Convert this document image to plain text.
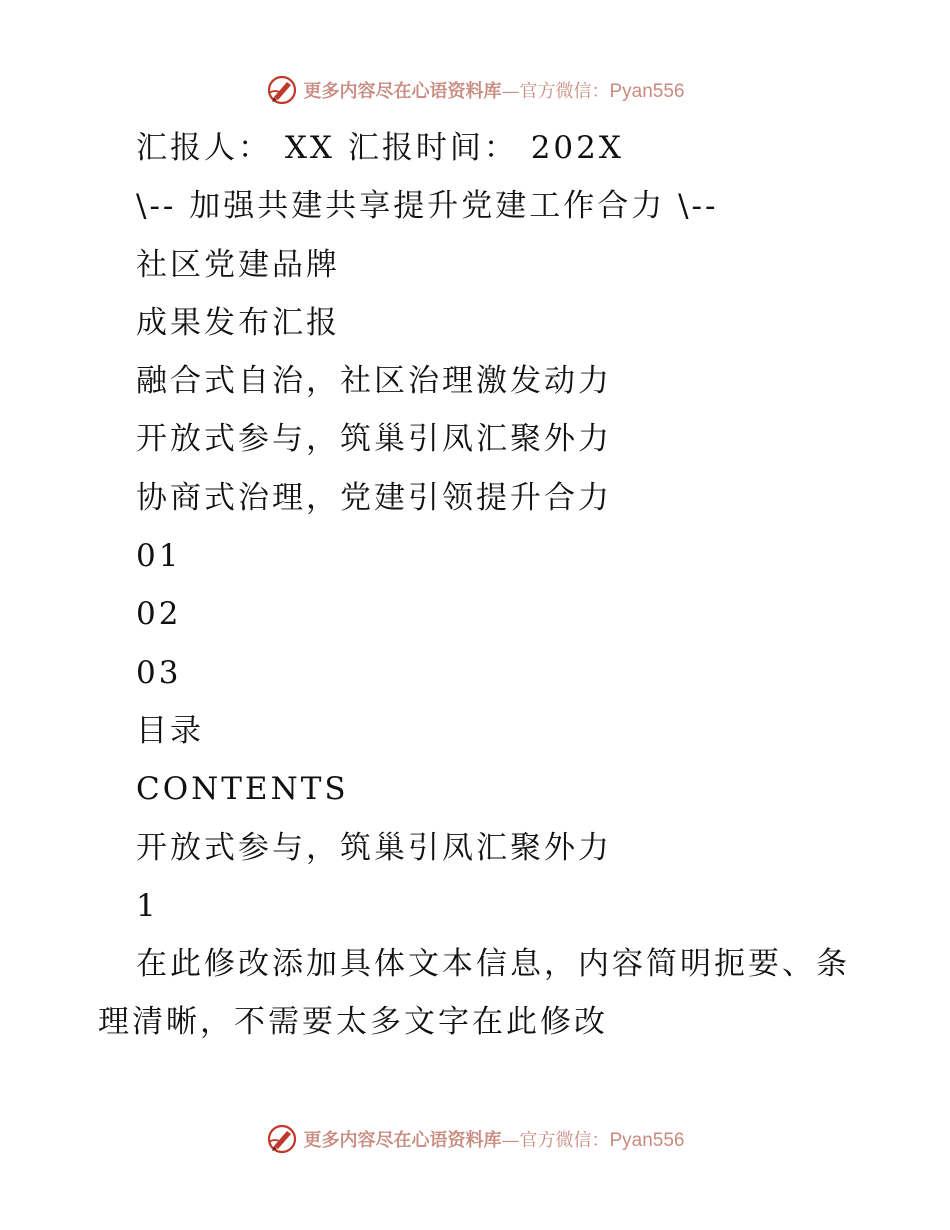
更多内容尽在心语资料库—官方微信：Pyan556
汇报人： XX 汇报时间： 202X
\-- 加强共建共享提升党建工作合力 \--
社区党建品牌
成果发布汇报
融合式自治，社区治理激发动力
开放式参与，筑巢引凤汇聚外力
协商式治理，党建引领提升合力
01
02
03
目录
CONTENTS
开放式参与，筑巢引凤汇聚外力
1
在此修改添加具体文本信息，内容简明扼要、条理清晰，不需要太多文字在此修改
更多内容尽在心语资料库—官方微信：Pyan556
